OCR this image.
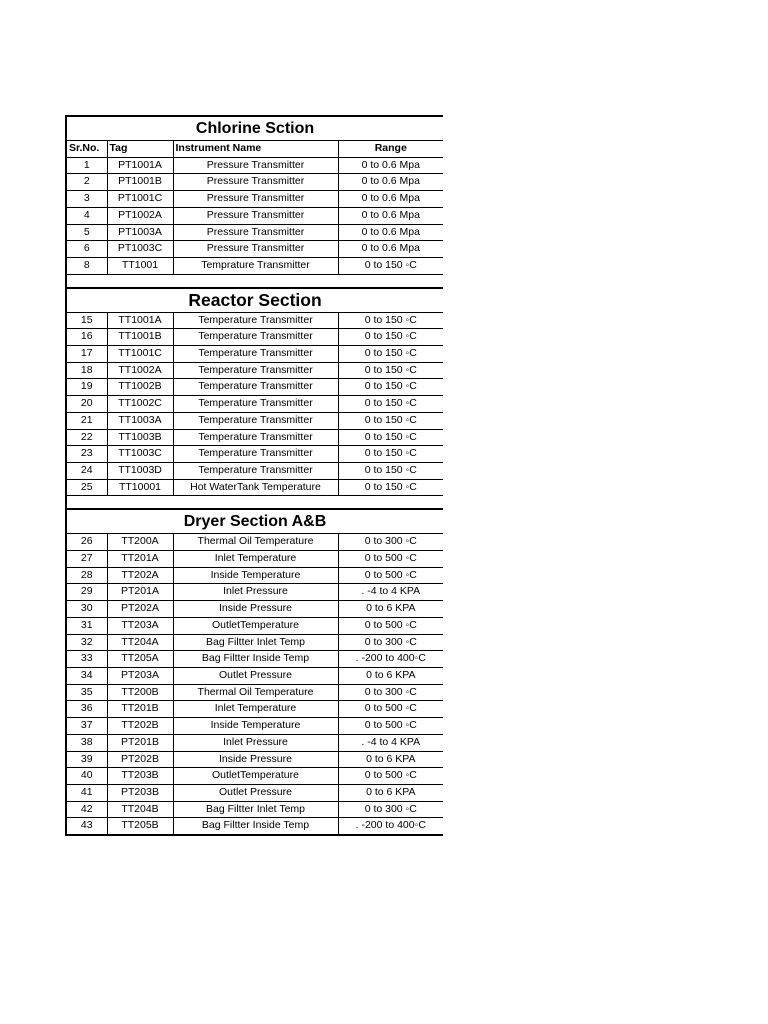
Chlorine Sction			
Sr.No.	Tag	Instrument Name	Range
1	PT1001A	Pressure Transmitter	0 to 0.6 Mpa
2	PT1001B	Pressure Transmitter	0 to 0.6 Mpa
3	PT1001C	Pressure Transmitter	0 to 0.6 Mpa
4	PT1002A	Pressure Transmitter	0 to 0.6 Mpa
5	PT1003A	Pressure Transmitter	0 to 0.6 Mpa
6	PT1003C	Pressure Transmitter	0 to 0.6 Mpa
8	TT1001	Temprature Transmitter	0 to 150 ◦C

Reactor Section			
15	TT1001A	Temperature Transmitter	0 to 150 ◦C
16	TT1001B	Temperature Transmitter	0 to 150 ◦C
17	TT1001C	Temperature Transmitter	0 to 150 ◦C
18	TT1002A	Temperature Transmitter	0 to 150 ◦C
19	TT1002B	Temperature Transmitter	0 to 150 ◦C
20	TT1002C	Temperature Transmitter	0 to 150 ◦C
21	TT1003A	Temperature Transmitter	0 to 150 ◦C
22	TT1003B	Temperature Transmitter	0 to 150 ◦C
23	TT1003C	Temperature Transmitter	0 to 150 ◦C
24	TT1003D	Temperature Transmitter	0 to 150 ◦C
25	TT10001	Hot WaterTank Temperature	0 to 150 ◦C

Dryer Section A&B			
26	TT200A	Thermal Oil Temperature	0 to 300 ◦C
27	TT201A	Inlet Temperature	0 to 500 ◦C
28	TT202A	Inside Temperature	0 to 500 ◦C
29	PT201A	Inlet Pressure	. -4 to 4 KPA
30	PT202A	Inside Pressure	0 to 6 KPA
31	TT203A	OutletTemperature	0 to 500 ◦C
32	TT204A	Bag Filtter Inlet Temp	0 to 300 ◦C
33	TT205A	Bag Filtter Inside Temp	. -200 to 400◦C
34	PT203A	Outlet Pressure	0 to 6 KPA
35	TT200B	Thermal Oil Temperature	0 to 300 ◦C
36	TT201B	Inlet Temperature	0 to 500 ◦C
37	TT202B	Inside Temperature	0 to 500 ◦C
38	PT201B	Inlet Pressure	. -4 to 4 KPA
39	PT202B	Inside Pressure	0 to 6 KPA
40	TT203B	OutletTemperature	0 to 500 ◦C
41	PT203B	Outlet Pressure	0 to 6 KPA
42	TT204B	Bag Filtter Inlet Temp	0 to 300 ◦C
43	TT205B	Bag Filtter Inside Temp	. -200 to 400◦C
